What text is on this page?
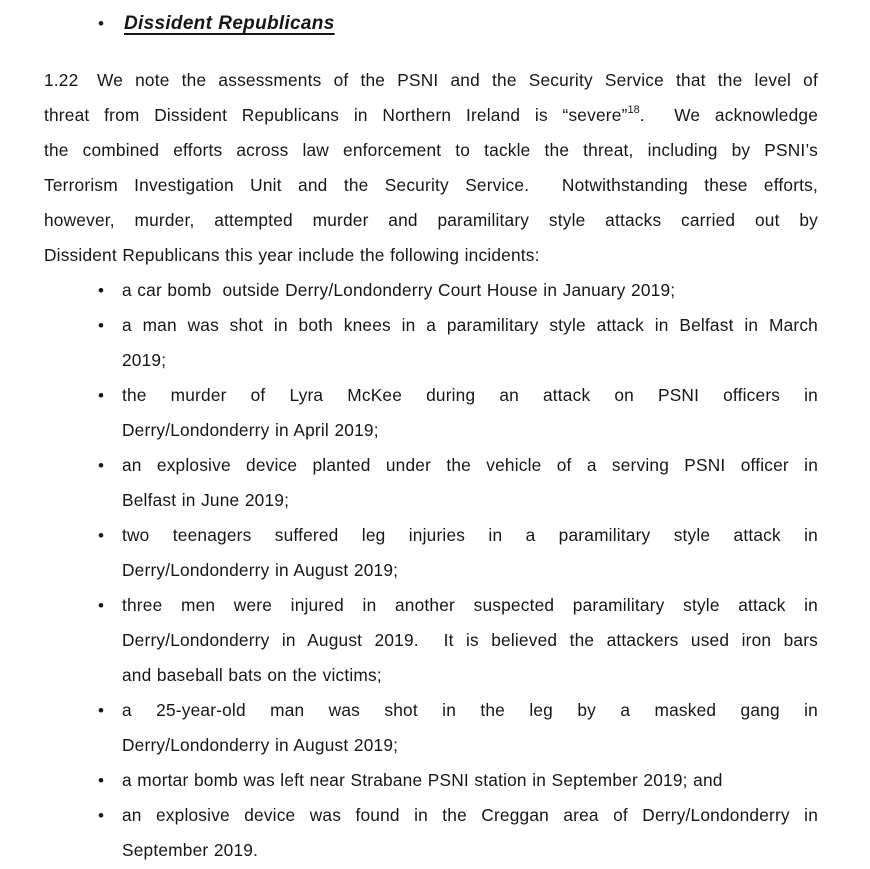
•	Dissident Republicans
1.22	We note the assessments of the PSNI and the Security Service that the level of
threat from Dissident Republicans in Northern Ireland is “severe”$^{18}$.  We acknowledge
the combined efforts across law enforcement to tackle the threat, including by PSNI’s
Terrorism Investigation Unit and the Security Service.  Notwithstanding these efforts,
however, murder, attempted murder and paramilitary style attacks carried out by
Dissident Republicans this year include the following incidents:
•	a car bomb  outside Derry/Londonderry Court House in January 2019;
•	a man was shot in both knees in a paramilitary style attack in Belfast in March
2019;
•	the murder of Lyra McKee during an attack on PSNI officers in
Derry/Londonderry in April 2019;
•	an explosive device planted under the vehicle of a serving PSNI officer in
Belfast in June 2019;
•	two teenagers suffered leg injuries in a paramilitary style attack in
Derry/Londonderry in August 2019;
•	three men were injured in another suspected paramilitary style attack in
Derry/Londonderry in August 2019.  It is believed the attackers used iron bars
and baseball bats on the victims;
•	a 25-year-old man was shot in the leg by a masked gang in
Derry/Londonderry in August 2019;
•	a mortar bomb was left near Strabane PSNI station in September 2019; and
•	an explosive device was found in the Creggan area of Derry/Londonderry in
September 2019.
